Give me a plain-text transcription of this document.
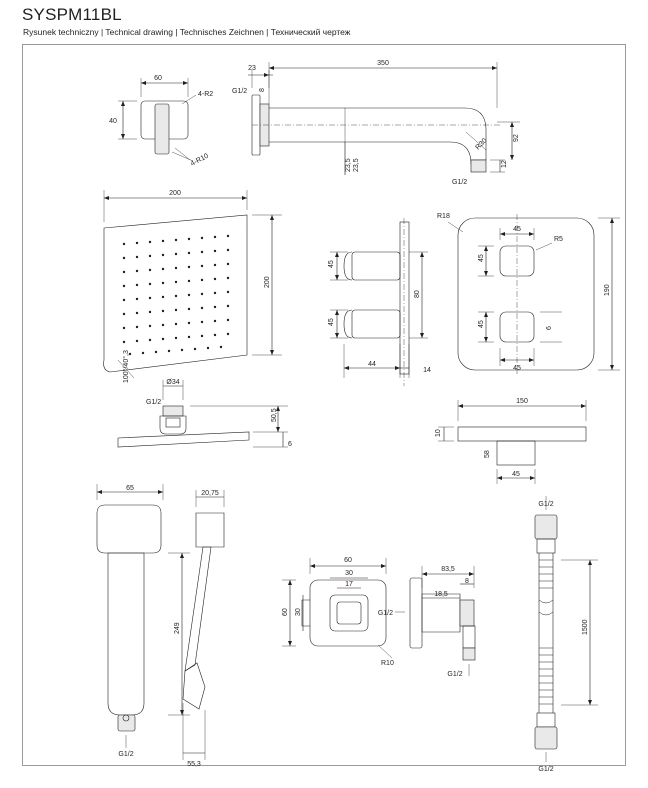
SYSPM11BL
Rysunek techniczny | Technical drawing | Technisches Zeichnen | Технический чертеж
60
40
4-R2
4-R10
23
350
G1/2 8
R30	92
12
23,5 23,5
G1/2
200
200
100°/40°,3	Ø34
G1/2
50,5
6
45
45
80
44
14
R18
45
R5
45
45
45
6
190
150
10
58
45
65
20,75
249
G1/2
55,3
60
30
17
60 30
R10
G1/2
83,5
8
18,5
G1/2
G1/2
1500
G1/2
